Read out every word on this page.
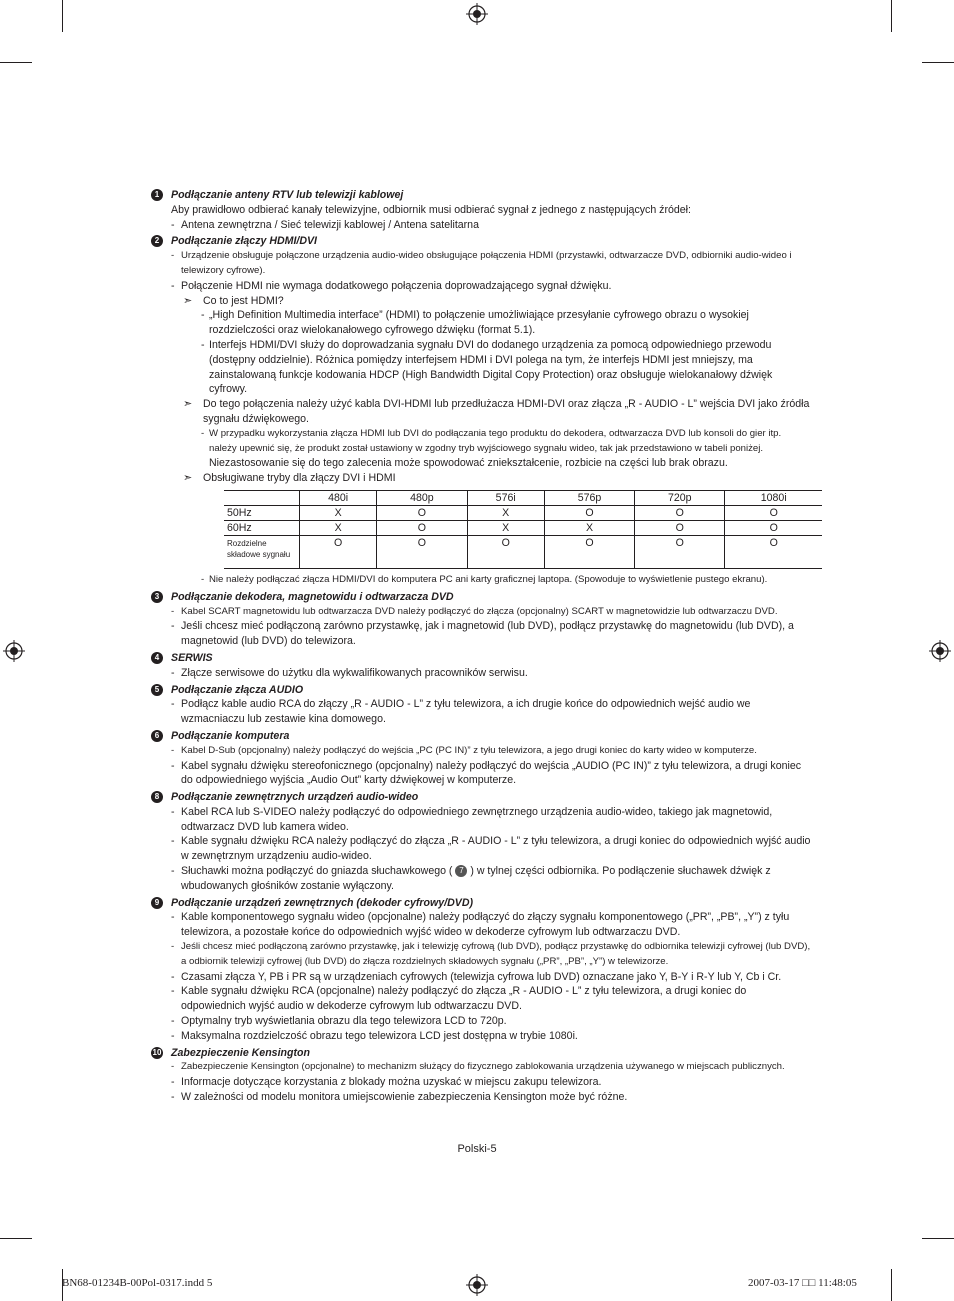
1	Podłączanie anteny RTV lub telewizji kablowej
Aby prawidłowo odbierać kanały telewizyjne, odbiornik musi odbierać sygnał z jednego z następujących źródeł:
- Antena zewnętrzna / Sieć telewizji kablowej / Antena satelitarna
2	Podłączanie złączy HDMI/DVI
- Urządzenie obsługuje połączone urządzenia audio-wideo obsługujące połączenia HDMI (przystawki, odtwarzacze DVD, odbiorniki audio-wideo i telewizory cyfrowe).
- Połączenie HDMI nie wymaga dodatkowego połączenia doprowadzającego sygnał dźwięku.
➣ Co to jest HDMI?
- „High Definition Multimedia interface” (HDMI) to połączenie umożliwiające przesyłanie cyfrowego obrazu o wysokiej rozdzielczości oraz wielokanałowego cyfrowego dźwięku (format 5.1).
- Interfejs HDMI/DVI służy do doprowadzania sygnału DVI do dodanego urządzenia za pomocą odpowiedniego przewodu (dostępny oddzielnie). Różnica pomiędzy interfejsem HDMI i DVI polega na tym, że interfejs HDMI jest mniejszy, ma zainstalowaną funkcje kodowania HDCP (High Bandwidth Digital Copy Protection) oraz obsługuje wielokanałowy dźwięk cyfrowy.
➣ Do tego połączenia należy użyć kabla DVI-HDMI lub przedłużacza HDMI-DVI oraz złącza „R - AUDIO - L” wejścia DVI jako źródła sygnału dźwiękowego.
- W przypadku wykorzystania złącza HDMI lub DVI do podłączania tego produktu do dekodera, odtwarzacza DVD lub konsoli do gier itp. należy upewnić się, że produkt został ustawiony w zgodny tryb wyjściowego sygnału wideo, tak jak przedstawiono w tabeli poniżej.
Niezastosowanie się do tego zalecenia może spowodować zniekształcenie, rozbicie na części lub brak obrazu.
➣ Obsługiwane tryby dla złączy DVI i HDMI
	480i	480p	576i	576p	720p	1080i
50Hz	X	O	X	O	O	O
60Hz	X	O	X	X	O	O
Rozdzielne składowe sygnału	O	O	O	O	O	O
- Nie należy podłączać złącza HDMI/DVI do komputera PC ani karty graficznej laptopa. (Spowoduje to wyświetlenie pustego ekranu).
3	Podłączanie dekodera, magnetowidu i odtwarzacza DVD
- Kabel SCART magnetowidu lub odtwarzacza DVD należy podłączyć do złącza (opcjonalny) SCART w magnetowidzie lub odtwarzaczu DVD.
- Jeśli chcesz mieć podłączoną zarówno przystawkę, jak i magnetowid (lub DVD), podłącz przystawkę do magnetowidu (lub DVD), a magnetowid (lub DVD) do telewizora.
4	SERWIS
- Złącze serwisowe do użytku dla wykwalifikowanych pracowników serwisu.
5	Podłączanie złącza AUDIO
- Podłącz kable audio RCA do złączy „R - AUDIO - L” z tyłu telewizora, a ich drugie końce do odpowiednich wejść audio we wzmacniaczu lub zestawie kina domowego.
6	Podłączanie komputera
- Kabel D-Sub (opcjonalny) należy podłączyć do wejścia „PC (PC IN)” z tyłu telewizora, a jego drugi koniec do karty wideo w komputerze.
- Kabel sygnału dźwięku stereofonicznego (opcjonalny) należy podłączyć do wejścia „AUDIO (PC IN)” z tyłu telewizora, a drugi koniec do odpowiedniego wyjścia „Audio Out” karty dźwiękowej w komputerze.
8	Podłączanie zewnętrznych urządzeń audio-wideo
- Kabel RCA lub S-VIDEO należy podłączyć do odpowiedniego zewnętrznego urządzenia audio-wideo, takiego jak magnetowid, odtwarzacz DVD lub kamera wideo.
- Kable sygnału dźwięku RCA należy podłączyć do złącza „R - AUDIO - L” z tyłu telewizora, a drugi koniec do odpowiednich wyjść audio w zewnętrznym urządzeniu audio-wideo.
- Słuchawki można podłączyć do gniazda słuchawkowego ( 7 ) w tylnej części odbiornika. Po podłączenie słuchawek dźwięk z wbudowanych głośników zostanie wyłączony.
9	Podłączanie urządzeń zewnętrznych (dekoder cyfrowy/DVD)
- Kable komponentowego sygnału wideo (opcjonalne) należy podłączyć do złączy sygnału komponentowego („PR”, „PB”, „Y”) z tyłu telewizora, a pozostałe końce do odpowiednich wyjść wideo w dekoderze cyfrowym lub odtwarzaczu DVD.
- Jeśli chcesz mieć podłączoną zarówno przystawkę, jak i telewizję cyfrową (lub DVD), podłącz przystawkę do odbiornika telewizji cyfrowej (lub DVD), a odbiornik telewizji cyfrowej (lub DVD) do złącza rozdzielnych składowych sygnału („PR”, „PB”, „Y”) w telewizorze.
- Czasami złącza Y, PB i PR są w urządzeniach cyfrowych (telewizja cyfrowa lub DVD) oznaczane jako Y, B-Y i R-Y lub Y, Cb i Cr.
- Kable sygnału dźwięku RCA (opcjonalne) należy podłączyć do złącza „R - AUDIO - L” z tyłu telewizora, a drugi koniec do odpowiednich wyjść audio w dekoderze cyfrowym lub odtwarzaczu DVD.
- Optymalny tryb wyświetlania obrazu dla tego telewizora LCD to 720p.
- Maksymalna rozdzielczość obrazu tego telewizora LCD jest dostępna w trybie 1080i.
10 Zabezpieczenie Kensington
- Zabezpieczenie Kensington (opcjonalne) to mechanizm służący do fizycznego zablokowania urządzenia używanego w miejscach publicznych.
- Informacje dotyczące korzystania z blokady można uzyskać w miejscu zakupu telewizora.
- W zależności od modelu monitora umiejscowienie zabezpieczenia Kensington może być różne.
Polski-5
BN68-01234B-00Pol-0317.indd 5	2007-03-17 □□ 11:48:05
